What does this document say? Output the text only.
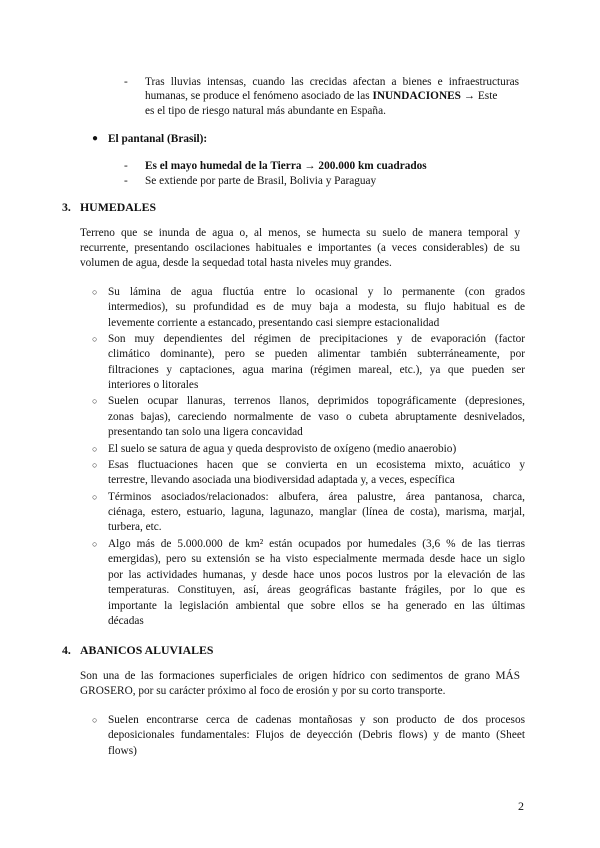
- Tras lluvias intensas, cuando las crecidas afectan a bienes e infraestructuras
humanas, se produce el fenómeno asociado de las INUNDACIONES → Este
es el tipo de riesgo natural más abundante en España.
● El pantanal (Brasil):
- Es el mayo humedal de la Tierra → 200.000 km cuadrados
- Se extiende por parte de Brasil, Bolivia y Paraguay
3. HUMEDALES
Terreno que se inunda de agua o, al menos, se humecta su suelo de manera temporal y
recurrente, presentando oscilaciones habituales e importantes (a veces considerables) de su
volumen de agua, desde la sequedad total hasta niveles muy grandes.
○ Su lámina de agua fluctúa entre lo ocasional y lo permanente (con grados
intermedios), su profundidad es de muy baja a modesta, su flujo habitual es de
levemente corriente a estancado, presentando casi siempre estacionalidad
○ Son muy dependientes del régimen de precipitaciones y de evaporación (factor
climático dominante), pero se pueden alimentar también subterráneamente, por
filtraciones y captaciones, agua marina (régimen mareal, etc.), ya que pueden ser
interiores o litorales
○ Suelen ocupar llanuras, terrenos llanos, deprimidos topográficamente (depresiones,
zonas bajas), careciendo normalmente de vaso o cubeta abruptamente desnivelados,
presentando tan solo una ligera concavidad
○ El suelo se satura de agua y queda desprovisto de oxígeno (medio anaerobio)
○ Esas fluctuaciones hacen que se convierta en un ecosistema mixto, acuático y
terrestre, llevando asociada una biodiversidad adaptada y, a veces, específica
○ Términos asociados/relacionados: albufera, área palustre, área pantanosa, charca,
ciénaga, estero, estuario, laguna, lagunazo, manglar (línea de costa), marisma, marjal,
turbera, etc.
○ Algo más de 5.000.000 de km² están ocupados por humedales (3,6 % de las tierras
emergidas), pero su extensión se ha visto especialmente mermada desde hace un siglo
por las actividades humanas, y desde hace unos pocos lustros por la elevación de las
temperaturas. Constituyen, así, áreas geográficas bastante frágiles, por lo que es
importante la legislación ambiental que sobre ellos se ha generado en las últimas
décadas
4. ABANICOS ALUVIALES
Son una de las formaciones superficiales de origen hídrico con sedimentos de grano MÁS
GROSERO, por su carácter próximo al foco de erosión y por su corto transporte.
○ Suelen encontrarse cerca de cadenas montañosas y son producto de dos procesos
deposicionales fundamentales: Flujos de deyección (Debris flows) y de manto (Sheet
flows)
2
